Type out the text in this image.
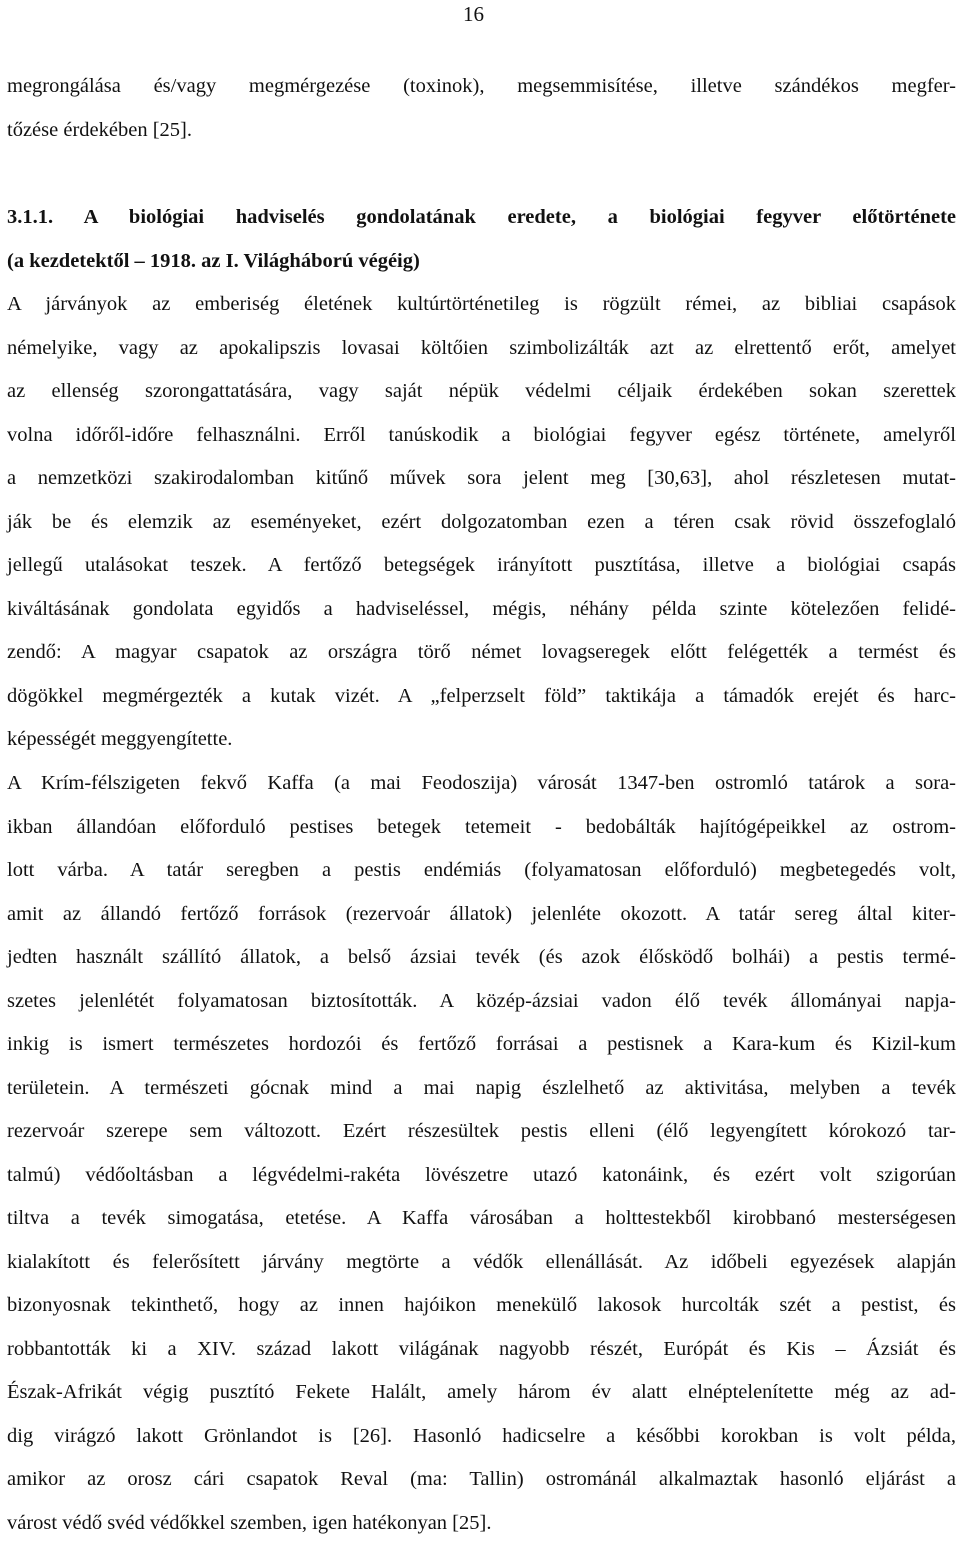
16
megrongálása és/vagy megmérgezése (toxinok), megsemmisítése, illetve szándékos megfer-
tőzése érdekében [25].
3.1.1. A biológiai hadviselés gondolatának eredete, a biológiai fegyver előtörténete
(a kezdetektől – 1918. az I. Világháború végéig)
A járványok az emberiség életének kultúrtörténetileg is rögzült rémei, az bibliai csapások
némelyike, vagy az apokalipszis lovasai költőien szimbolizálták azt az elrettentő erőt, amelyet
az ellenség szorongattatására, vagy saját népük védelmi céljaik érdekében sokan szerettek
volna időről-időre felhasználni. Erről tanúskodik a biológiai fegyver egész története, amelyről
a nemzetközi szakirodalomban kitűnő művek sora jelent meg [30,63], ahol részletesen mutat-
ják be és elemzik az eseményeket, ezért dolgozatomban ezen a téren csak rövid összefoglaló
jellegű utalásokat teszek. A fertőző betegségek irányított pusztítása, illetve a biológiai csapás
kiváltásának gondolata egyidős a hadviseléssel, mégis, néhány példa szinte kötelezően felidé-
zendő: A magyar csapatok az országra törő német lovagseregek előtt felégették a termést és
dögökkel megmérgezték a kutak vizét. A „felperzselt föld” taktikája a támadók erejét és harc-
képességét meggyengítette.
A Krím-félszigeten fekvő Kaffa (a mai Feodoszija) városát 1347-ben ostromló tatárok a sora-
ikban állandóan előforduló pestises betegek tetemeit - bedobálták hajítógépeikkel az ostrom-
lott várba. A tatár seregben a pestis endémiás (folyamatosan előforduló) megbetegedés volt,
amit az állandó fertőző források (rezervoár állatok) jelenléte okozott. A tatár sereg által kiter-
jedten használt szállító állatok, a belső ázsiai tevék (és azok élősködő bolhái) a pestis termé-
szetes jelenlétét folyamatosan biztosították. A közép-ázsiai vadon élő tevék állományai napja-
inkig is ismert természetes hordozói és fertőző forrásai a pestisnek a Kara-kum és Kizil-kum
területein. A természeti gócnak mind a mai napig észlelhető az aktivitása, melyben a tevék
rezervoár szerepe sem változott. Ezért részesültek pestis elleni (élő legyengített kórokozó tar-
talmú) védőoltásban a légvédelmi-rakéta lövészetre utazó katonáink, és ezért volt szigorúan
tiltva a tevék simogatása, etetése. A Kaffa városában a holttestekből kirobbanó mesterségesen
kialakított és felerősített járvány megtörte a védők ellenállását. Az időbeli egyezések alapján
bizonyosnak tekinthető, hogy az innen hajóikon menekülő lakosok hurcolták szét a pestist, és
robbantották ki a XIV. század lakott világának nagyobb részét, Európát és Kis – Ázsiát és
Észak-Afrikát végig pusztító Fekete Halált, amely három év alatt elnéptelenítette még az ad-
dig virágzó lakott Grönlandot is [26]. Hasonló hadicselre a későbbi korokban is volt példa,
amikor az orosz cári csapatok Reval (ma: Tallin) ostrománál alkalmaztak hasonló eljárást a
várost védő svéd védőkkel szemben, igen hatékonyan [25].
